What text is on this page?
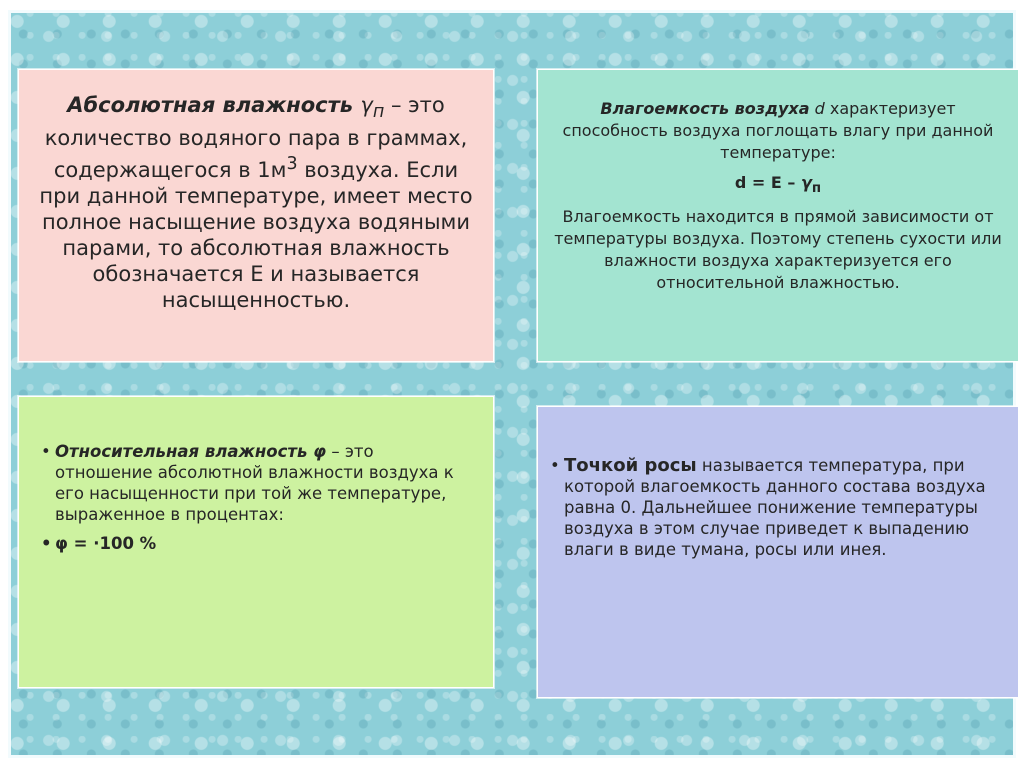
Абсолютная влажность $\gamma_п$ – это количество водяного пара в граммах, содержащегося в $1м^3$ воздуха. Если при данной температуре, имеет место полное насыщение воздуха водяными парами, то абсолютная влажность обозначается Е и называется насыщенностью.

Влагоемкость воздуха d характеризует способность воздуха поглощать влагу при данной температуре:

$d = E - \gamma_п$

Влагоемкость находится в прямой зависимости от температуры воздуха. Поэтому степень сухости или влажности воздуха характеризуется его относительной влажностью.

• Относительная влажность φ – это отношение абсолютной влажности воздуха к его насыщенности при той же температуре, выраженное в процентах:
• φ = ·100 %
• Точкой росы называется температура, при которой влагоемкость данного состава воздуха равна 0. Дальнейшее понижение температуры воздуха в этом случае приведет к выпадению влаги в виде тумана, росы или инея.
